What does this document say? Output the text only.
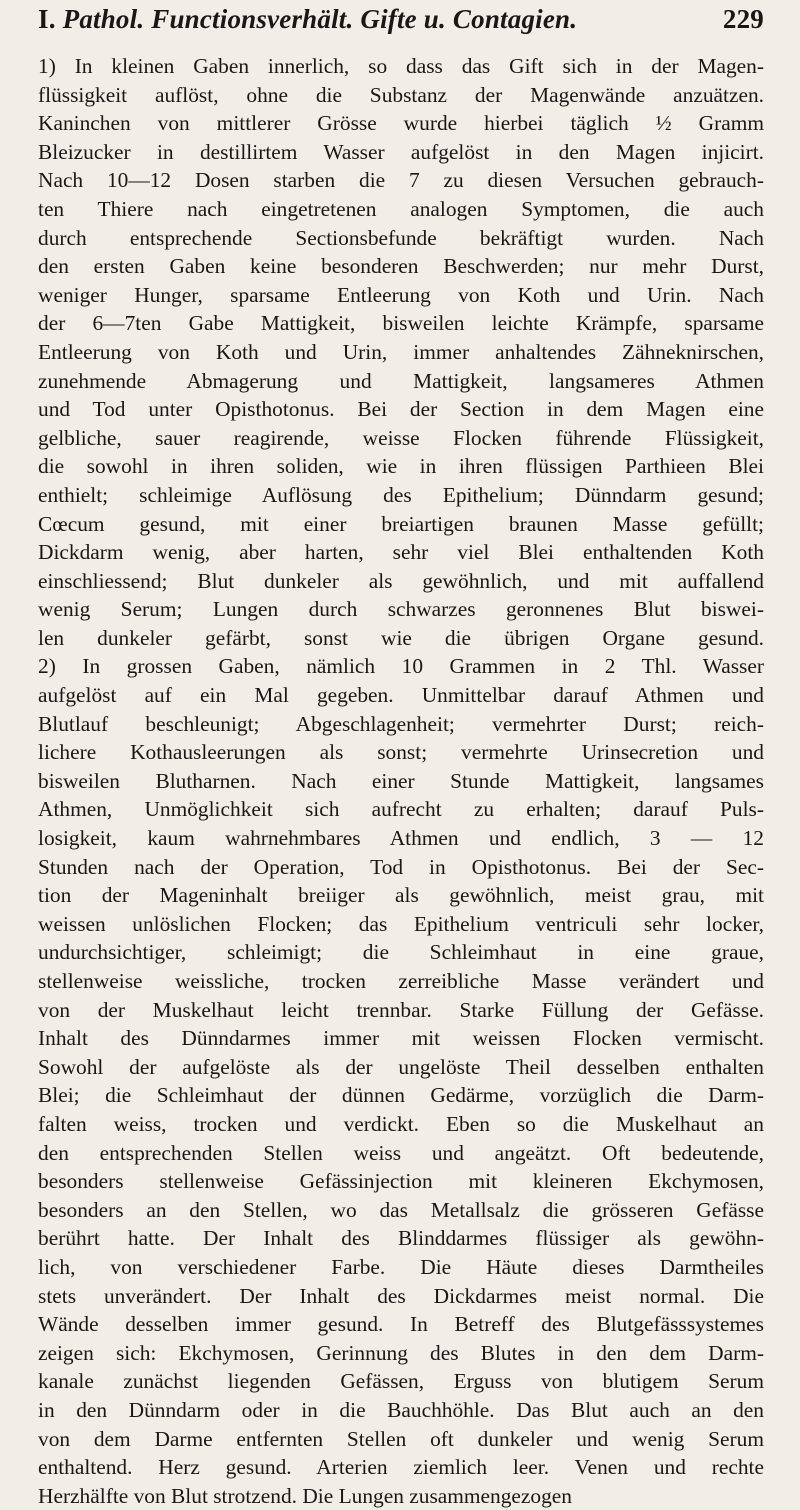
I. Pathol. Functionsverhält. Gifte u. Contagien.	229
1) In kleinen Gaben innerlich, so dass das Gift sich in der Magen-
flüssigkeit auflöst, ohne die Substanz der Magenwände anzuätzen.
Kaninchen von mittlerer Grösse wurde hierbei täglich ½ Gramm
Bleizucker in destillirtem Wasser aufgelöst in den Magen injicirt.
Nach 10—12 Dosen starben die 7 zu diesen Versuchen gebrauch-
ten Thiere nach eingetretenen analogen Symptomen, die auch
durch entsprechende Sectionsbefunde bekräftigt wurden. Nach
den ersten Gaben keine besonderen Beschwerden; nur mehr Durst,
weniger Hunger, sparsame Entleerung von Koth und Urin. Nach
der 6—7ten Gabe Mattigkeit, bisweilen leichte Krämpfe, sparsame
Entleerung von Koth und Urin, immer anhaltendes Zähneknirschen,
zunehmende Abmagerung und Mattigkeit, langsameres Athmen
und Tod unter Opisthotonus. Bei der Section in dem Magen eine
gelbliche, sauer reagirende, weisse Flocken führende Flüssigkeit,
die sowohl in ihren soliden, wie in ihren flüssigen Parthieen Blei
enthielt; schleimige Auflösung des Epithelium; Dünndarm gesund;
Cœcum gesund, mit einer breiartigen braunen Masse gefüllt;
Dickdarm wenig, aber harten, sehr viel Blei enthaltenden Koth
einschliessend; Blut dunkeler als gewöhnlich, und mit auffallend
wenig Serum; Lungen durch schwarzes geronnenes Blut biswei-
len dunkeler gefärbt, sonst wie die übrigen Organe gesund.
2) In grossen Gaben, nämlich 10 Grammen in 2 Thl. Wasser
aufgelöst auf ein Mal gegeben. Unmittelbar darauf Athmen und
Blutlauf beschleunigt; Abgeschlagenheit; vermehrter Durst; reich-
lichere Kothausleerungen als sonst; vermehrte Urinsecretion und
bisweilen Blutharnen. Nach einer Stunde Mattigkeit, langsames
Athmen, Unmöglichkeit sich aufrecht zu erhalten; darauf Puls-
losigkeit, kaum wahrnehmbares Athmen und endlich, 3 — 12
Stunden nach der Operation, Tod in Opisthotonus. Bei der Sec-
tion der Mageninhalt breiiger als gewöhnlich, meist grau, mit
weissen unlöslichen Flocken; das Epithelium ventriculi sehr locker,
undurchsichtiger, schleimigt; die Schleimhaut in eine graue,
stellenweise weissliche, trocken zerreibliche Masse verändert und
von der Muskelhaut leicht trennbar. Starke Füllung der Gefässe.
Inhalt des Dünndarmes immer mit weissen Flocken vermischt.
Sowohl der aufgelöste als der ungelöste Theil desselben enthalten
Blei; die Schleimhaut der dünnen Gedärme, vorzüglich die Darm-
falten weiss, trocken und verdickt. Eben so die Muskelhaut an
den entsprechenden Stellen weiss und angeätzt. Oft bedeutende,
besonders stellenweise Gefässinjection mit kleineren Ekchymosen,
besonders an den Stellen, wo das Metallsalz die grösseren Gefässe
berührt hatte. Der Inhalt des Blinddarmes flüssiger als gewöhn-
lich, von verschiedener Farbe. Die Häute dieses Darmtheiles
stets unverändert. Der Inhalt des Dickdarmes meist normal. Die
Wände desselben immer gesund. In Betreff des Blutgefässsystemes
zeigen sich: Ekchymosen, Gerinnung des Blutes in den dem Darm-
kanale zunächst liegenden Gefässen, Erguss von blutigem Serum
in den Dünndarm oder in die Bauchhöhle. Das Blut auch an den
von dem Darme entfernten Stellen oft dunkeler und wenig Serum
enthaltend. Herz gesund. Arterien ziemlich leer. Venen und rechte
Herzhälfte von Blut strotzend. Die Lungen zusammengezogen
